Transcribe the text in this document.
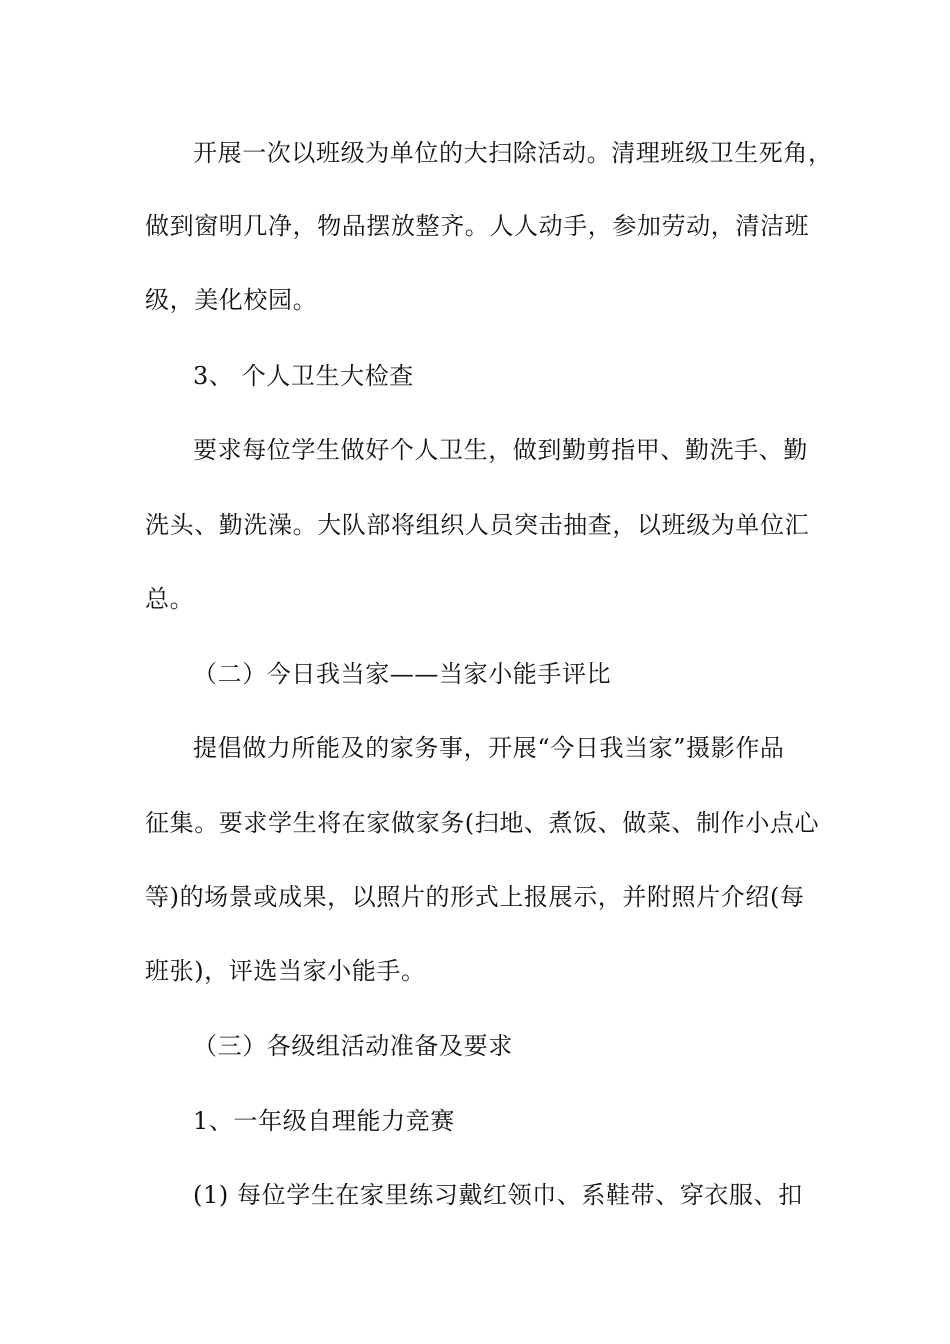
开展一次以班级为单位的大扫除活动。清理班级卫生死角，
做到窗明几净，物品摆放整齐。人人动手，参加劳动，清洁班
级，美化校园。
3、 个人卫生大检查
要求每位学生做好个人卫生，做到勤剪指甲、勤洗手、勤
洗头、勤洗澡。大队部将组织人员突击抽查，以班级为单位汇
总。
（二）今日我当家——当家小能手评比
提倡做力所能及的家务事，开展“今日我当家”摄影作品
征集。要求学生将在家做家务(扫地、煮饭、做菜、制作小点心
等)的场景或成果，以照片的形式上报展示，并附照片介绍(每
班张)，评选当家小能手。
（三）各级组活动准备及要求
1、一年级自理能力竞赛
(1) 每位学生在家里练习戴红领巾、系鞋带、穿衣服、扣
